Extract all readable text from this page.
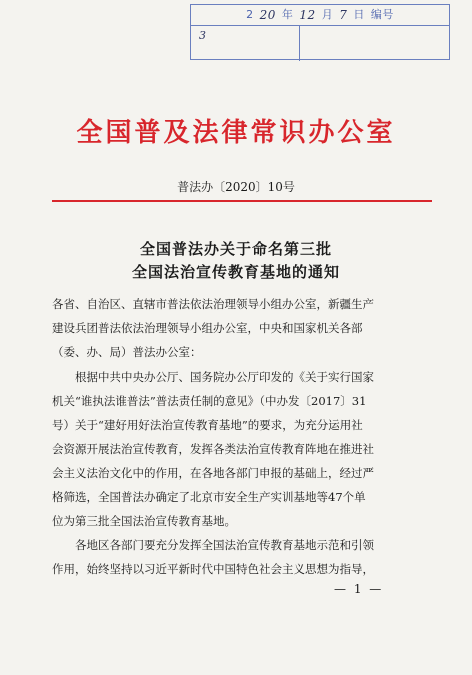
2 20 年 12 月 7 日 编号
3
全国普及法律常识办公室
普法办〔2020〕10号
全国普法办关于命名第三批
全国法治宣传教育基地的通知
各省、自治区、直辖市普法依法治理领导小组办公室，新疆生产
建设兵团普法依法治理领导小组办公室，中央和国家机关各部
（委、办、局）普法办公室：
　　根据中共中央办公厅、国务院办公厅印发的《关于实行国家
机关“谁执法谁普法”普法责任制的意见》（中办发〔2017〕31
号）关于“建好用好法治宣传教育基地”的要求，为充分运用社
会资源开展法治宣传教育，发挥各类法治宣传教育阵地在推进社
会主义法治文化中的作用，在各地各部门申报的基础上，经过严
格筛选，全国普法办确定了北京市安全生产实训基地等47个单
位为第三批全国法治宣传教育基地。
　　各地区各部门要充分发挥全国法治宣传教育基地示范和引领
作用，始终坚持以习近平新时代中国特色社会主义思想为指导，
— 1 —
